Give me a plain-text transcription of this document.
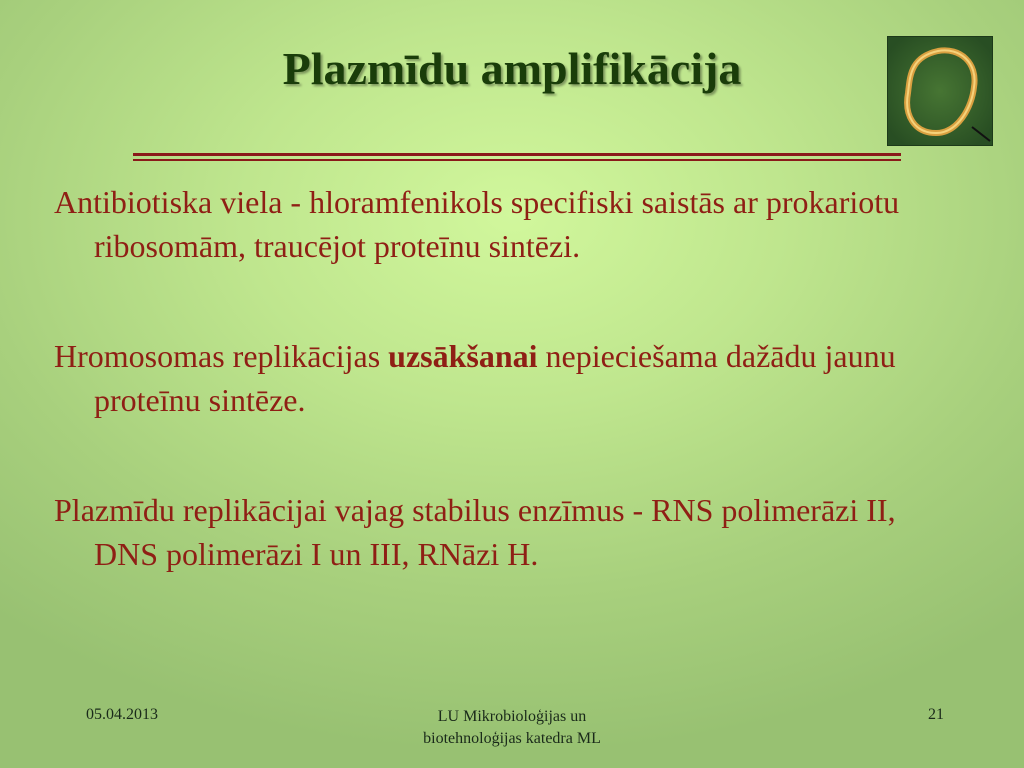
Plazmīdu amplifikācija

Antibiotiska viela - hloramfenikols specifiski saistās ar prokariotu ribosomām, traucējot proteīnu sintēzi.

Hromosomas replikācijas uzsākšanai nepieciešama dažādu jaunu proteīnu sintēze.

Plazmīdu replikācijai vajag stabilus enzīmus - RNS polimerāzi II, DNS polimerāzi I un III, RNāzi H.

05.04.2013	LU Mikrobioloģijas un
biotehnoloģijas katedra ML
21
